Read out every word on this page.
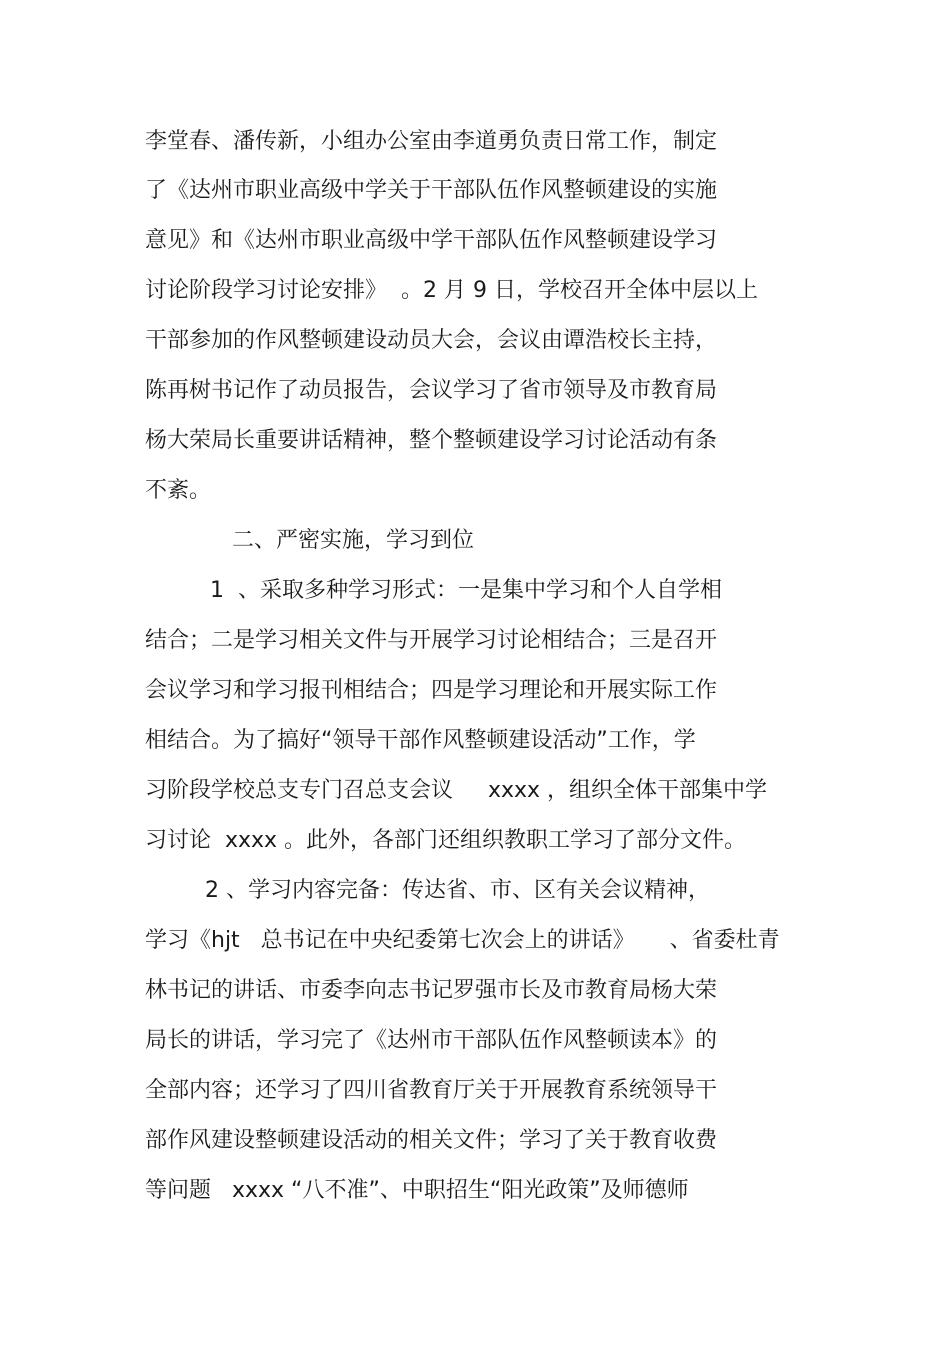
李堂春、潘传新，小组办公室由李道勇负责日常工作，制定
了《达州市职业高级中学关于干部队伍作风整顿建设的实施
意见》和《达州市职业高级中学干部队伍作风整顿建设学习
讨论阶段学习讨论安排》  。2 月 9 日，学校召开全体中层以上
干部参加的作风整顿建设动员大会，会议由谭浩校长主持，
陈再树书记作了动员报告，会议学习了省市领导及市教育局
杨大荣局长重要讲话精神，整个整顿建设学习讨论活动有条
不紊。
二、严密实施，学习到位
1  、采取多种学习形式：一是集中学习和个人自学相
结合；二是学习相关文件与开展学习讨论相结合；三是召开
会议学习和学习报刊相结合；四是学习理论和开展实际工作
相结合。为了搞好“领导干部作风整顿建设活动”工作，学
习阶段学校总支专门召总支会议     xxxx ，组织全体干部集中学
习讨论  xxxx 。此外，各部门还组织教职工学习了部分文件。
2 、学习内容完备：传达省、市、区有关会议精神，
学习《hjt   总书记在中央纪委第七次会上的讲话》     、省委杜青
林书记的讲话、市委李向志书记罗强市长及市教育局杨大荣
局长的讲话，学习完了《达州市干部队伍作风整顿读本》的
全部内容；还学习了四川省教育厅关于开展教育系统领导干
部作风建设整顿建设活动的相关文件；学习了关于教育收费
等问题   xxxx “八不准”、中职招生“阳光政策”及师德师
